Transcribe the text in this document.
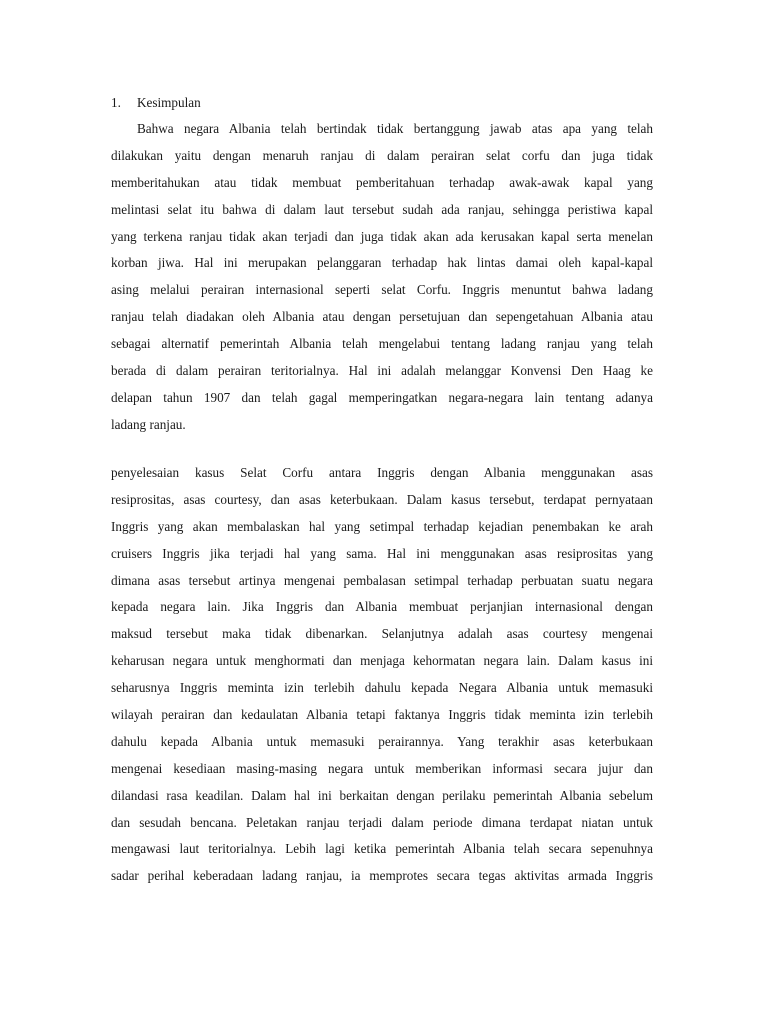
1. Kesimpulan
Bahwa negara Albania telah bertindak tidak bertanggung jawab atas apa yang telah
dilakukan yaitu dengan menaruh ranjau di dalam perairan selat corfu dan juga tidak
memberitahukan atau tidak membuat pemberitahuan terhadap awak-awak kapal yang
melintasi selat itu bahwa di dalam laut tersebut sudah ada ranjau, sehingga peristiwa kapal
yang terkena ranjau tidak akan terjadi dan juga tidak akan ada kerusakan kapal serta menelan
korban jiwa. Hal ini merupakan pelanggaran terhadap hak lintas damai oleh kapal-kapal
asing melalui perairan internasional seperti selat Corfu. Inggris menuntut bahwa ladang
ranjau telah diadakan oleh Albania atau dengan persetujuan dan sepengetahuan Albania atau
sebagai alternatif pemerintah Albania telah mengelabui tentang ladang ranjau yang telah
berada di dalam perairan teritorialnya. Hal ini adalah melanggar Konvensi Den Haag ke
delapan tahun 1907 dan telah gagal memperingatkan negara-negara lain tentang adanya
ladang ranjau.
penyelesaian kasus Selat Corfu antara Inggris dengan Albania menggunakan asas
resiprositas, asas courtesy, dan asas keterbukaan. Dalam kasus tersebut, terdapat pernyataan
Inggris yang akan membalaskan hal yang setimpal terhadap kejadian penembakan ke arah
cruisers Inggris jika terjadi hal yang sama. Hal ini menggunakan asas resiprositas yang
dimana asas tersebut artinya mengenai pembalasan setimpal terhadap perbuatan suatu negara
kepada negara lain. Jika Inggris dan Albania membuat perjanjian internasional dengan
maksud tersebut maka tidak dibenarkan. Selanjutnya adalah asas courtesy mengenai
keharusan negara untuk menghormati dan menjaga kehormatan negara lain. Dalam kasus ini
seharusnya Inggris meminta izin terlebih dahulu kepada Negara Albania untuk memasuki
wilayah perairan dan kedaulatan Albania tetapi faktanya Inggris tidak meminta izin terlebih
dahulu kepada Albania untuk memasuki perairannya. Yang terakhir asas keterbukaan
mengenai kesediaan masing-masing negara untuk memberikan informasi secara jujur dan
dilandasi rasa keadilan. Dalam hal ini berkaitan dengan perilaku pemerintah Albania sebelum
dan sesudah bencana. Peletakan ranjau terjadi dalam periode dimana terdapat niatan untuk
mengawasi laut teritorialnya. Lebih lagi ketika pemerintah Albania telah secara sepenuhnya
sadar perihal keberadaan ladang ranjau, ia memprotes secara tegas aktivitas armada Inggris
